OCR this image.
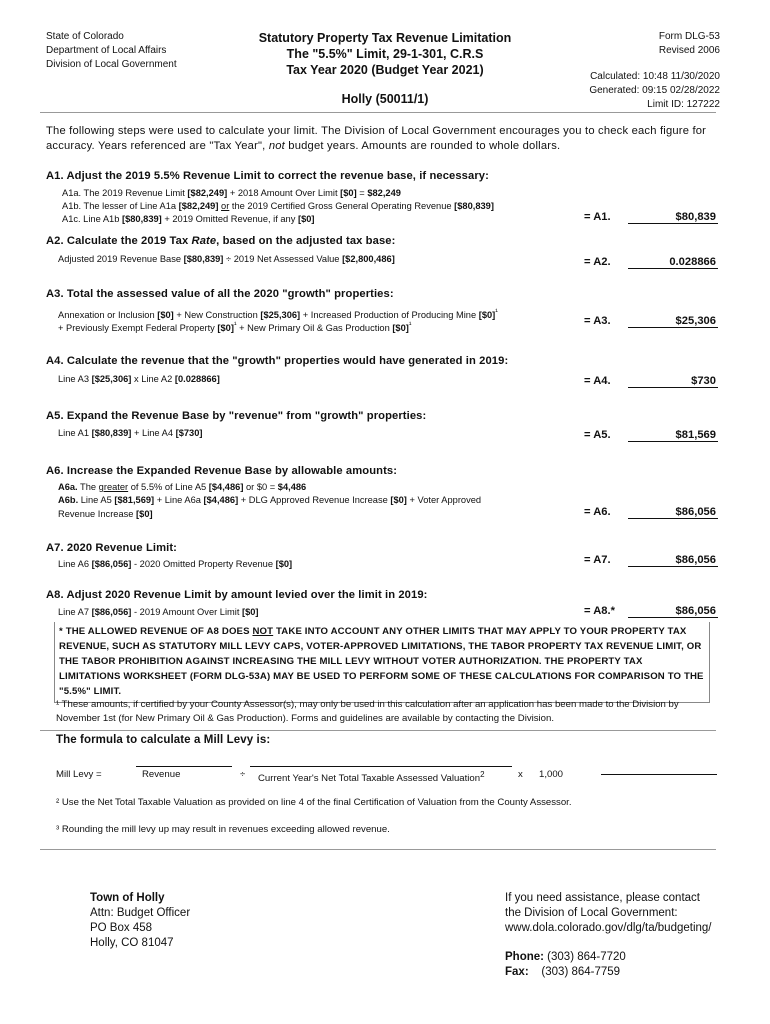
State of Colorado
Department of Local Affairs
Division of Local Government
Statutory Property Tax Revenue Limitation
The "5.5%" Limit, 29-1-301, C.R.S
Tax Year 2020 (Budget Year 2021)
Holly (50011/1)
Form DLG-53
Revised 2006
Calculated: 10:48 11/30/2020
Generated: 09:15 02/28/2022
Limit ID: 127222
The following steps were used to calculate your limit. The Division of Local Government encourages you to check each figure for accuracy. Years referenced are "Tax Year", not budget years. Amounts are rounded to whole dollars.
A1. Adjust the 2019 5.5% Revenue Limit to correct the revenue base, if necessary:
A1a. The 2019 Revenue Limit [$82,249] + 2018 Amount Over Limit [$0] = $82,249
A1b. The lesser of Line A1a [$82,249] or the 2019 Certified Gross General Operating Revenue [$80,839]
A1c. Line A1b [$80,839] + 2019 Omitted Revenue, if any [$0]	= A1.	$80,839
A2. Calculate the 2019 Tax Rate, based on the adjusted tax base:
Adjusted 2019 Revenue Base [$80,839] ÷ 2019 Net Assessed Value [$2,800,486]	= A2.	0.028866
A3. Total the assessed value of all the 2020 "growth" properties:
Annexation or Inclusion [$0] + New Construction [$25,306] + Increased Production of Producing Mine [$0]$^{^1}$
+ Previously Exempt Federal Property [$0]$^{^1}$ + New Primary Oil & Gas Production [$0]$^{^1}$	= A3.	$25,306
A4. Calculate the revenue that the "growth" properties would have generated in 2019:
Line A3 [$25,306] x Line A2 [0.028866]	= A4.	$730
A5. Expand the Revenue Base by "revenue" from "growth" properties:
Line A1 [$80,839] + Line A4 [$730]	= A5.	$81,569
A6. Increase the Expanded Revenue Base by allowable amounts:
A6a. The greater of 5.5% of Line A5 [$4,486] or $0 = $4,486
A6b. Line A5 [$81,569] + Line A6a [$4,486] + DLG Approved Revenue Increase [$0] + Voter Approved
Revenue Increase [$0]	= A6.	$86,056
A7. 2020 Revenue Limit:
Line A6 [$86,056] - 2020 Omitted Property Revenue [$0]	= A7.	$86,056
A8. Adjust 2020 Revenue Limit by amount levied over the limit in 2019:
Line A7 [$86,056] - 2019 Amount Over Limit [$0]	= A8.*	$86,056
* THE ALLOWED REVENUE OF A8 DOES NOT TAKE INTO ACCOUNT ANY OTHER LIMITS THAT MAY APPLY TO YOUR PROPERTY TAX REVENUE, SUCH AS STATUTORY MILL LEVY CAPS, VOTER-APPROVED LIMITATIONS, THE TABOR PROPERTY TAX REVENUE LIMIT, OR THE TABOR PROHIBITION AGAINST INCREASING THE MILL LEVY WITHOUT VOTER AUTHORIZATION. THE PROPERTY TAX LIMITATIONS WORKSHEET (FORM DLG-53A) MAY BE USED TO PERFORM SOME OF THESE CALCULATIONS FOR COMPARISON TO THE "5.5%" LIMIT.
¹ These amounts, if certified by your County Assessor(s), may only be used in this calculation after an application has been made to the Division by November 1st (for New Primary Oil & Gas Production). Forms and guidelines are available by contacting the Division.
The formula to calculate a Mill Levy is:
Mill Levy =	Revenue	÷ Current Year's Net Total Taxable Assessed Valuation$^2$	x 1,000
² Use the Net Total Taxable Valuation as provided on line 4 of the final Certification of Valuation from the County Assessor.
³ Rounding the mill levy up may result in revenues exceeding allowed revenue.
Town of Holly
Attn: Budget Officer
PO Box 458
Holly, CO 81047
If you need assistance, please contact
the Division of Local Government:
www.dola.colorado.gov/dlg/ta/budgeting/
Phone: (303) 864-7720
Fax:    (303) 864-7759
